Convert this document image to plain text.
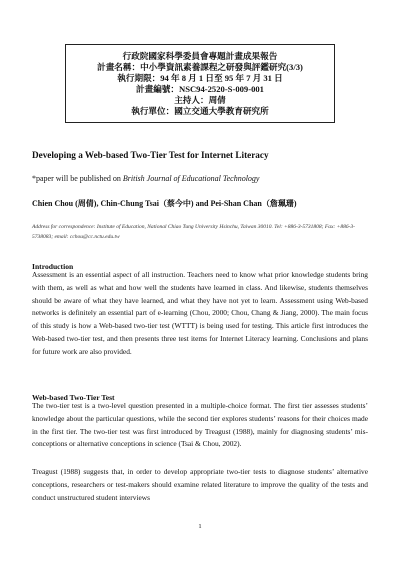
行政院國家科學委員會專題計畫成果報告
計畫名稱：中小學資訊素養課程之研發與評鑑研究(3/3)
執行期限：94 年 8 月 1 日至 95 年 7 月 31 日
計畫編號：NSC94-2520-S-009-001
主持人：周倩
執行單位：國立交通大學教育研究所
Developing a Web-based Two-Tier Test for Internet Literacy
*paper will be published on British Journal of Educational Technology
Chien Chou (周倩), Chin-Chung Tsai（蔡今中) and Pei-Shan Chan（詹珮珊)
Address for correspondence: Institute of Education, National Chiao Tung University Hsinchu, Taiwan 30010. Tel: +886-3-5731808; Fax: +886-3-5738083; email: cchou@cc.nctu.edu.tw
Introduction
Assessment is an essential aspect of all instruction. Teachers need to know what prior knowledge students bring with them, as well as what and how well the students have learned in class. And likewise, students themselves should be aware of what they have learned, and what they have not yet to learn. Assessment using Web-based networks is definitely an essential part of e-learning (Chou, 2000; Chou, Chang & Jiang, 2000). The main focus of this study is how a Web-based two-tier test (WTTT) is being used for testing. This article first introduces the Web-based two-tier test, and then presents three test items for Internet Literacy learning. Conclusions and plans for future work are also provided.
Web-based Two-Tier Test
The two-tier test is a two-level question presented in a multiple-choice format. The first tier assesses students’ knowledge about the particular questions, while the second tier explores students’ reasons for their choices made in the first tier. The two-tier test was first introduced by Treagust (1988), mainly for diagnosing students’ mis-conceptions or alternative conceptions in science (Tsai & Chou, 2002).
Treagust (1988) suggests that, in order to develop appropriate two-tier tests to diagnose students’ alternative conceptions, researchers or test-makers should examine related literature to improve the quality of the tests and conduct unstructured student interviews
1
